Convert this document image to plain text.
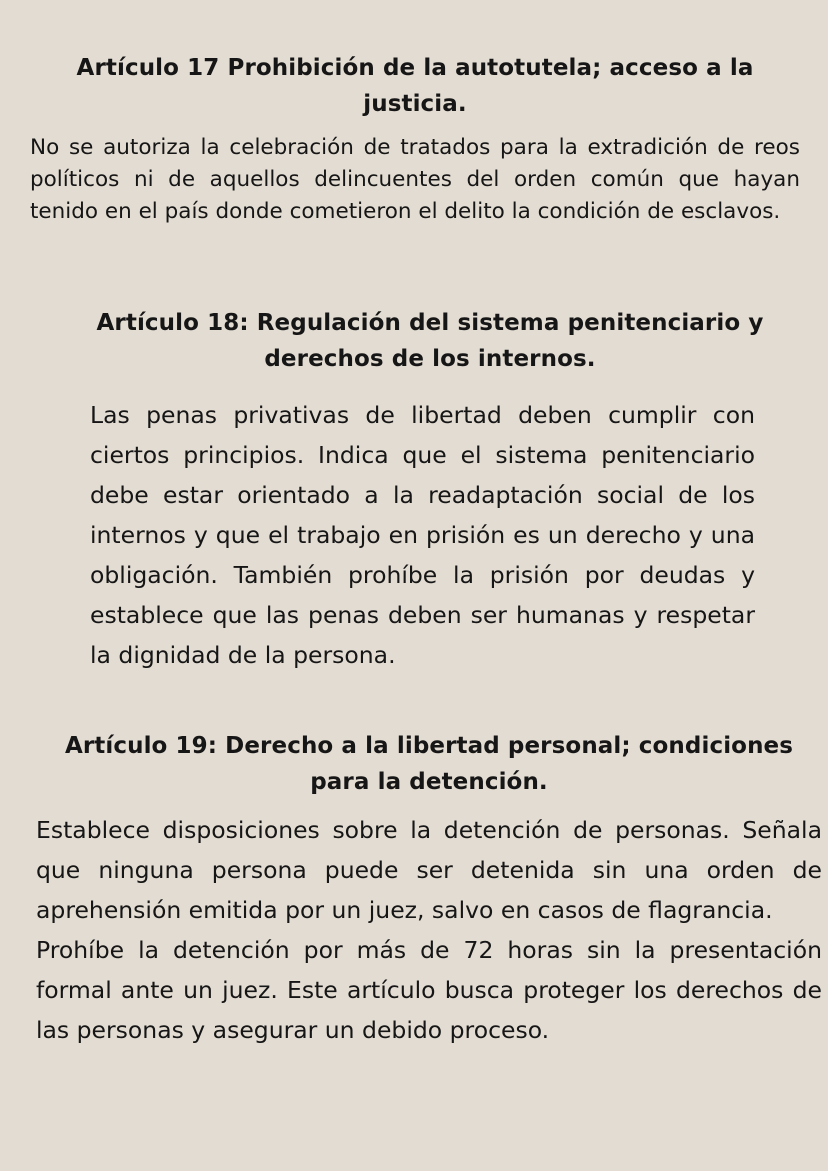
Artículo 17 Prohibición de la autotutela; acceso a la justicia.

No se autoriza la celebración de tratados para la extradición de reos políticos ni de aquellos delincuentes del orden común que hayan tenido en el país donde cometieron el delito la condición de esclavos.

Artículo 18: Regulación del sistema penitenciario y derechos de los internos.

Las penas privativas de libertad deben cumplir con ciertos principios. Indica que el sistema penitenciario debe estar orientado a la readaptación social de los internos y que el trabajo en prisión es un derecho y una obligación. También prohíbe la prisión por deudas y establece que las penas deben ser humanas y respetar la dignidad de la persona.

Artículo 19: Derecho a la libertad personal; condiciones para la detención.

Establece disposiciones sobre la detención de personas. Señala que ninguna persona puede ser detenida sin una orden de aprehensión emitida por un juez, salvo en casos de flagrancia.

Prohíbe la detención por más de 72 horas sin la presentación formal ante un juez. Este artículo busca proteger los derechos de las personas y asegurar un debido proceso.
